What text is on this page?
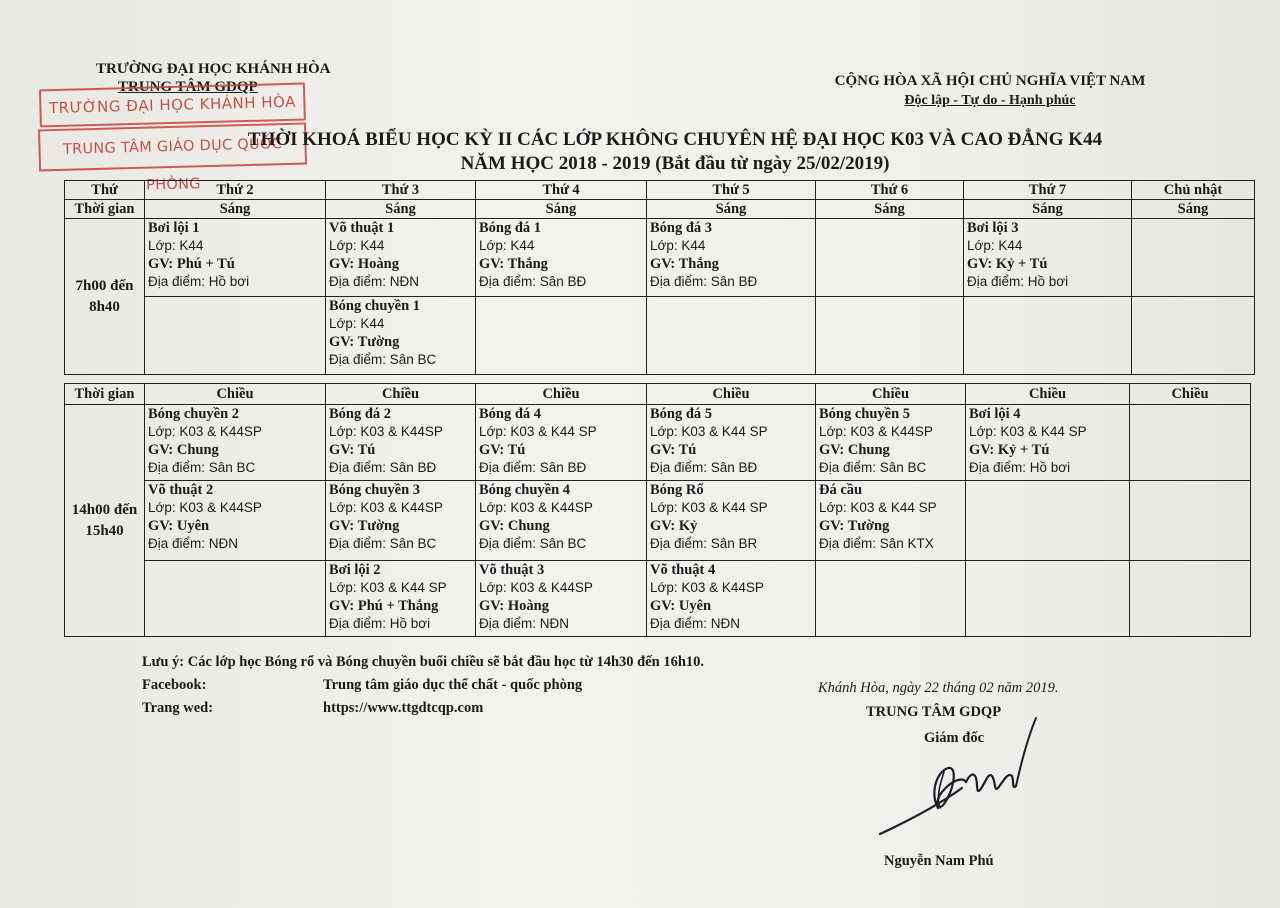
TRƯỜNG ĐẠI HỌC KHÁNH HÒA
TRUNG TÂM GDQP	CỘNG HÒA XÃ HỘI CHỦ NGHĨA VIỆT NAM
Độc lập - Tự do - Hạnh phúc
TRƯỜNG ĐẠI HỌC KHÁNH HÒA
TRUNG TÂM GIÁO DỤC QUỐC PHÒNG
THỜI KHOÁ BIỂU HỌC KỲ II CÁC LỚP KHÔNG CHUYÊN HỆ ĐẠI HỌC K03 VÀ CAO ĐẲNG K44
NĂM HỌC 2018 - 2019 (Bắt đầu từ ngày 25/02/2019)
Thứ	Thứ 2	Thứ 3	Thứ 4	Thứ 5	Thứ 6	Thứ 7	Chủ nhật
Thời gian	Sáng	Sáng	Sáng	Sáng	Sáng	Sáng	Sáng
7h00 đến 8h40	Bơi lội 1
Lớp: K44
GV: Phú + Tú
Địa điểm: Hồ bơi	Võ thuật 1
Lớp: K44
GV: Hoàng
Địa điểm: NĐN	Bóng đá 1
Lớp: K44
GV: Thắng
Địa điểm: Sân BĐ	Bóng đá 3
Lớp: K44
GV: Thắng
Địa điểm: Sân BĐ		Bơi lội 3
Lớp: K44
GV: Kỷ + Tú
Địa điểm: Hồ bơi	

		Bóng chuyền 1
Lớp: K44
GV: Tường
Địa điểm: Sân BC					

Thời gian	Chiều	Chiều	Chiều	Chiều	Chiều	Chiều	Chiều
14h00 đến 15h40	Bóng chuyền 2
Lớp: K03 & K44SP
GV: Chung
Địa điểm: Sân BC	Bóng đá 2
Lớp: K03 & K44SP
GV: Tú
Địa điểm: Sân BĐ	Bóng đá 4
Lớp: K03 & K44 SP
GV: Tú
Địa điểm: Sân BĐ	Bóng đá 5
Lớp: K03 & K44 SP
GV: Tú
Địa điểm: Sân BĐ	Bóng chuyền 5
Lớp: K03 & K44SP
GV: Chung
Địa điểm: Sân BC	Bơi lội 4
Lớp: K03 & K44 SP
GV: Kỷ + Tú
Địa điểm: Hồ bơi	

	Võ thuật 2
Lớp: K03 & K44SP
GV: Uyên
Địa điểm: NĐN	Bóng chuyền 3
Lớp: K03 & K44SP
GV: Tường
Địa điểm: Sân BC	Bóng chuyền 4
Lớp: K03 & K44SP
GV: Chung
Địa điểm: Sân BC	Bóng Rổ
Lớp: K03 & K44 SP
GV: Kỷ
Địa điểm: Sân BR	Đá cầu
Lớp: K03 & K44 SP
GV: Tường
Địa điểm: Sân KTX		

		Bơi lội 2
Lớp: K03 & K44 SP
GV: Phú + Thắng
Địa điểm: Hồ bơi	Võ thuật 3
Lớp: K03 & K44SP
GV: Hoàng
Địa điểm: NĐN	Võ thuật 4
Lớp: K03 & K44SP
GV: Uyên
Địa điểm: NĐN			

Lưu ý: Các lớp học Bóng rổ và Bóng chuyền buổi chiều sẽ bắt đầu học từ 14h30 đến 16h10.
Facebook:	Trung tâm giáo dục thể chất - quốc phòng
Trang wed:	https://www.ttgdtcqp.com
Khánh Hòa, ngày 22 tháng 02 năm 2019.
TRUNG TÂM GDQP
Giám đốc
Nguyễn Nam Phú
